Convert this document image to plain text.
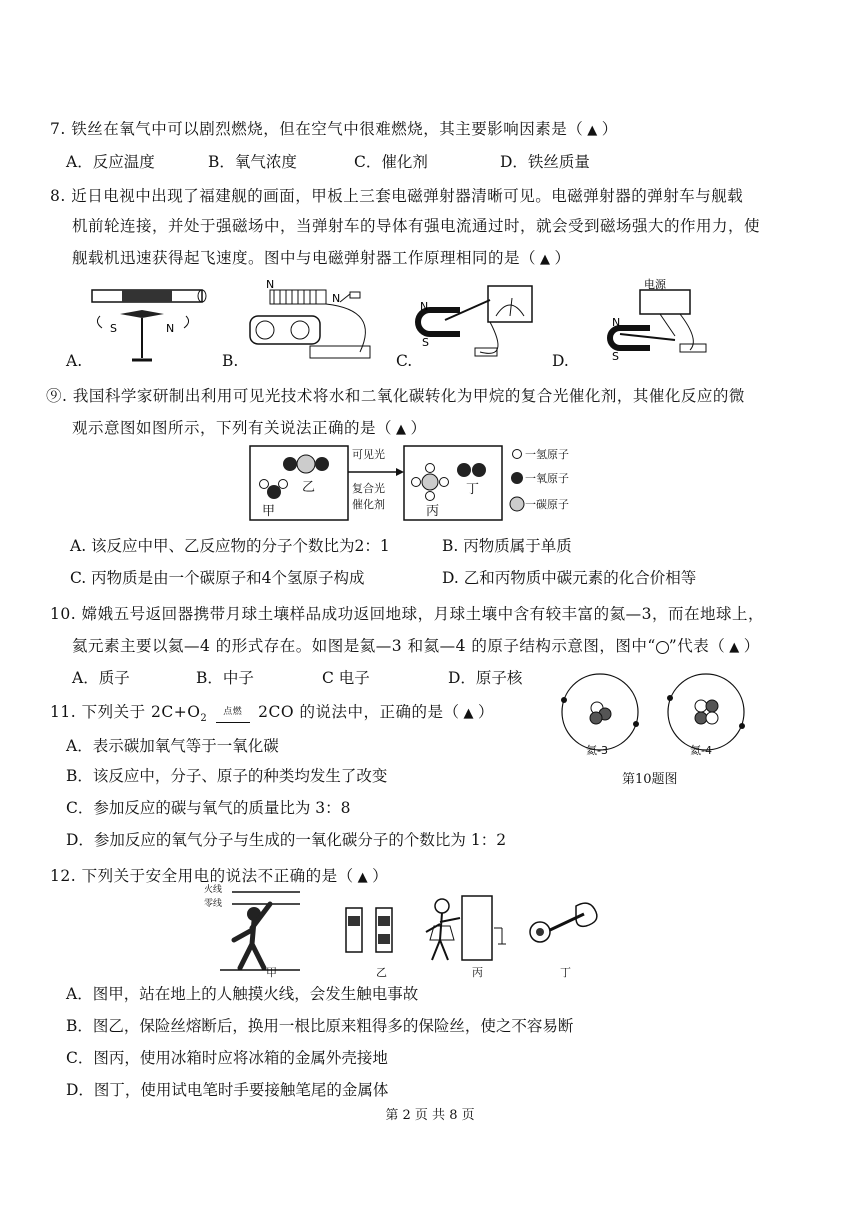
7. 铁丝在氧气中可以剧烈燃烧，但在空气中很难燃烧，其主要影响因素是（ ▲ ）
A．反应温度	B．氧气浓度	C．催化剂	D．铁丝质量
8. 近日电视中出现了福建舰的画面，甲板上三套电磁弹射器清晰可见。电磁弹射器的弹射车与舰载
机前轮连接，并处于强磁场中，当弹射车的导体有强电流通过时，就会受到磁场强大的作用力，使
舰载机迅速获得起飞速度。图中与电磁弹射器工作原理相同的是（ ▲ ）
S	N
N
N
N
S
电源
N
S
A.	B.	C.	D.
⑨. 我国科学家研制出利用可见光技术将水和二氧化碳转化为甲烷的复合光催化剂，其催化反应的微
观示意图如图所示，下列有关说法正确的是（ ▲ ）
乙
甲	丙
丁
可见光
复合光
催化剂
一氢原子
一氧原子
一碳原子
A. 该反应中甲、乙反应物的分子个数比为2：1	B. 丙物质属于单质
C. 丙物质是由一个碳原子和4个氢原子构成	D. 乙和丙物质中碳元素的化合价相等
10. 嫦娥五号返回器携带月球土壤样品成功返回地球，月球土壤中含有较丰富的氦—3，而在地球上，
氦元素主要以氦—4 的形式存在。如图是氦—3 和氦—4 的原子结构示意图，图中“ ”代表（ ▲ ）
A．质子	B．中子	C 电子	D．原子核
氦-3	氦-4
第10题图
11. 下列关于 $2C+O_2$ $^{点燃}$ 2CO 的说法中，正确的是（ ▲ ）
A．表示碳加氧气等于一氧化碳
B．该反应中，分子、原子的种类均发生了改变
C．参加反应的碳与氧气的质量比为 3：8
D．参加反应的氧气分子与生成的一氧化碳分子的个数比为 1：2
12. 下列关于安全用电的说法不正确的是（ ▲ ）
火线
零线
甲	乙	丙	丁
A．图甲，站在地上的人触摸火线，会发生触电事故
B．图乙，保险丝熔断后，换用一根比原来粗得多的保险丝，使之不容易断
C．图丙，使用冰箱时应将冰箱的金属外壳接地
D．图丁，使用试电笔时手要接触笔尾的金属体
第 2 页 共 8 页
